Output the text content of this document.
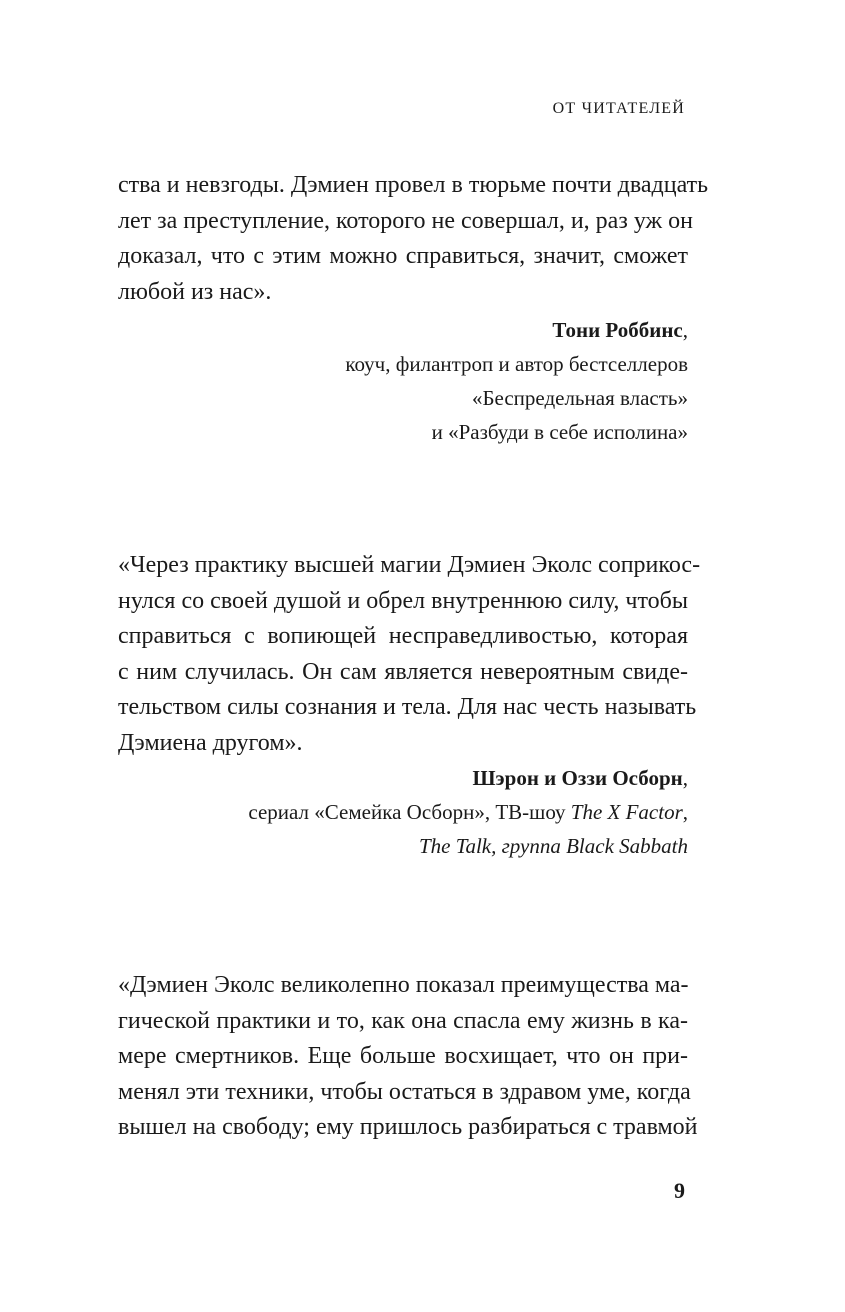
ОТ ЧИТАТЕЛЕЙ

ства и невзгоды. Дэмиен провел в тюрьме почти двадцать
лет за преступление, которого не совершал, и, раз уж он
доказал, что с этим можно справиться, значит, сможет
любой из нас».

Тони Роббинс,
коуч, филантроп и автор бестселлеров
«Беспредельная власть»
и «Разбуди в себе исполина»

«Через практику высшей магии Дэмиен Эколс соприкос-
нулся со своей душой и обрел внутреннюю силу, чтобы
справиться с вопиющей несправедливостью, которая
с ним случилась. Он сам является невероятным свиде-
тельством силы сознания и тела. Для нас честь называть
Дэмиена другом».

Шэрон и Оззи Осборн,
сериал «Семейка Осборн», ТВ-шоу The X Factor,
The Talk, группа Black Sabbath

«Дэмиен Эколс великолепно показал преимущества ма-
гической практики и то, как она спасла ему жизнь в ка-
мере смертников. Еще больше восхищает, что он при-
менял эти техники, чтобы остаться в здравом уме, когда
вышел на свободу; ему пришлось разбираться с травмой

9
